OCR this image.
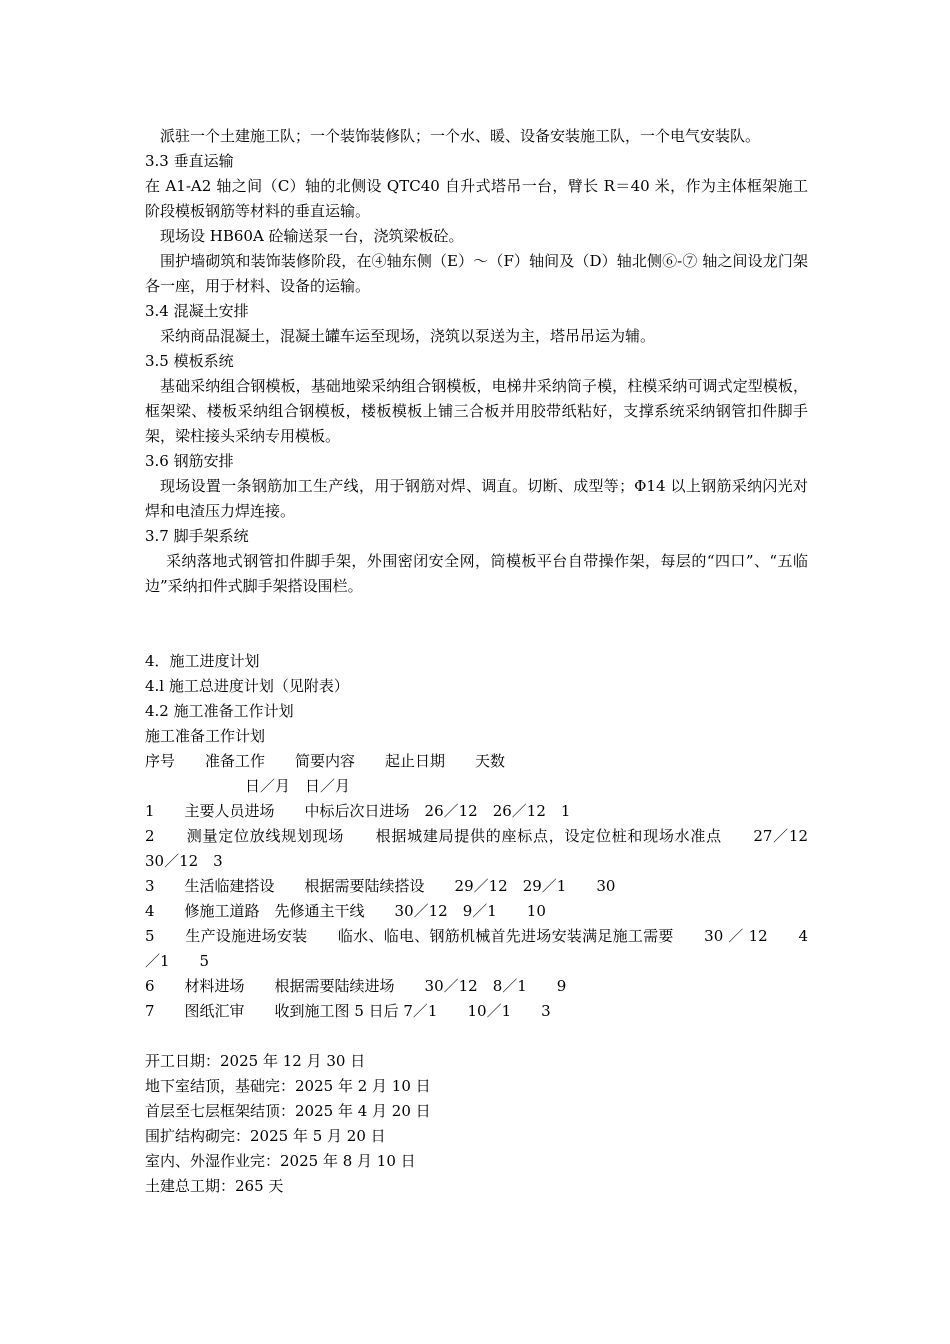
派驻一个土建施工队；一个装饰装修队；一个水、暖、设备安装施工队，一个电气安装队。

3.3 垂直运输

在 A1-A2 轴之间（C）轴的北侧设 QTC40 自升式塔吊一台，臂长 R＝40 米，作为主体框架施工阶段模板钢筋等材料的垂直运输。

现场设 HB60A 砼输送泵一台，浇筑梁板砼。

围护墙砌筑和装饰装修阶段，在④轴东侧（E）～（F）轴间及（D）轴北侧⑥-⑦ 轴之间设龙门架各一座，用于材料、设备的运输。

3.4 混凝土安排

采纳商品混凝土，混凝土罐车运至现场，浇筑以泵送为主，塔吊吊运为辅。

3.5 模板系统

基础采纳组合钢模板，基础地梁采纳组合钢模板，电梯井采纳筒子模，柱模采纳可调式定型模板，框架梁、楼板采纳组合钢模板，楼板模板上铺三合板并用胶带纸粘好，支撑系统采纳钢管扣件脚手架，梁柱接头采纳专用模板。

3.6 钢筋安排

现场设置一条钢筋加工生产线，用于钢筋对焊、调直。切断、成型等；Φ14 以上钢筋采纳闪光对焊和电渣压力焊连接。

3.7 脚手架系统

采纳落地式钢管扣件脚手架，外围密闭安全网，筒模板平台自带操作架，每层的“四口”、“五临边”采纳扣件式脚手架搭设围栏。

4．施工进度计划

4.l 施工总进度计划（见附表）

4.2 施工准备工作计划

施工准备工作计划

序号　　准备工作　　简要内容　　起止日期　　天数
日／月　日／月
1　　主要人员进场　　中标后次日进场　26／12　26／12　1
2　　测量定位放线规划现场　　根据城建局提供的座标点，设定位桩和现场水准点　　27／12　　30／12　3
3　　生活临建搭设　　根据需要陆续搭设　　29／12　29／1　　30
4　　修施工道路　先修通主干线　　30／12　9／1　　10
5　　生产设施进场安装　　临水、临电、钢筋机械首先进场安装满足施工需要　　30 ／ 12　　4／1　　5
6　　材料进场　　根据需要陆续进场　　30／12　8／1　　9
7　　图纸汇审　　收到施工图 5 日后 7／1　　10／1　　3

开工日期：2025 年 12 月 30 日

地下室结顶，基础完：2025 年 2 月 10 日

首层至七层框架结顶：2025 年 4 月 20 日

围扩结构砌完：2025 年 5 月 20 日

室内、外湿作业完：2025 年 8 月 10 日

土建总工期：265 天
